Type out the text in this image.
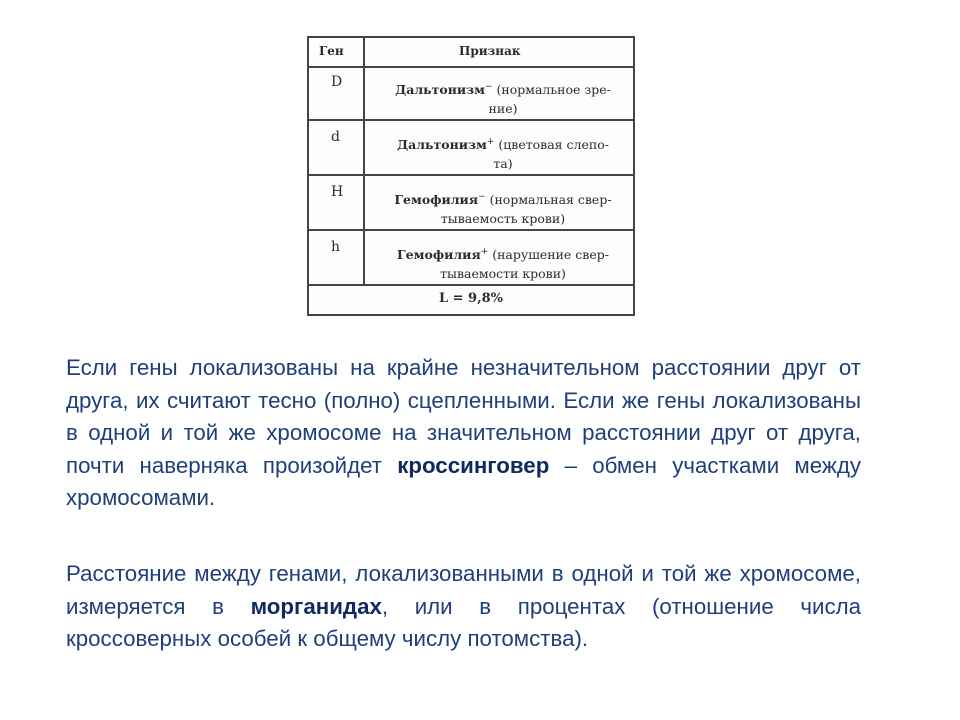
Ген	Признак
D	Дальтонизм− (нормальное зре-
ние)
d	Дальтонизм+ (цветовая слепо-
та)
H	Гемофилия− (нормальная свер-
тываемость крови)
h	Гемофилия+ (нарушение свер-
тываемости крови)
L = 9,8%
Если гены локализованы на крайне незначительном расстоянии друг от друга, их считают тесно (полно) сцепленными. Если же гены локализованы в одной и той же хромосоме на значительном расстоянии друг от друга, почти наверняка произойдет кроссинговер – обмен участками между хромосомами.
Расстояние между генами, локализованными в одной и той же хромосоме, измеряется в морганидах, или в процентах (отношение числа кроссоверных особей к общему числу потомства).
